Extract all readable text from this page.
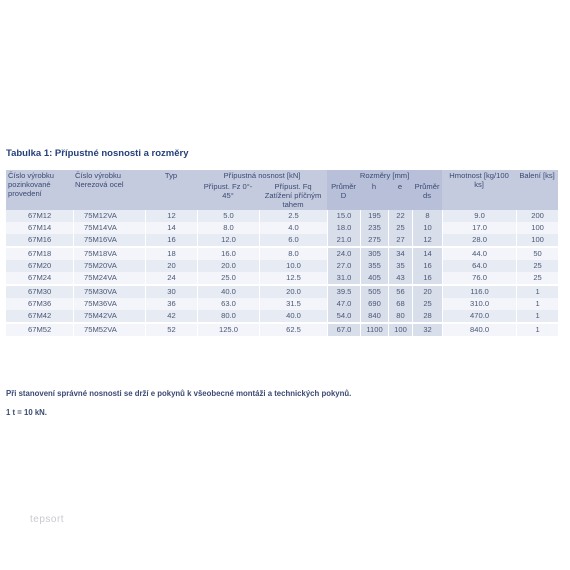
Tabulka 1: Přípustné nosnosti a rozměry
Číslo výrobku pozinkované provedení	Číslo výrobku Nerezová ocel	Typ	Přípustná nosnost [kN]		Rozměry [mm]				Hmotnost [kg/100 ks]	Balení [ks]
			Přípust. Fz 0°- 45°	Přípust. Fq Zatížení příčným tahem	Průměr D	h	e	Průměr ds		

67M12	75M12VA	12	5.0	2.5	15.0	195	22	8	9.0	200
67M14	75M14VA	14	8.0	4.0	18.0	235	25	10	17.0	100
67M16	75M16VA	16	12.0	6.0	21.0	275	27	12	28.0	100
67M18	75M18VA	18	16.0	8.0	24.0	305	34	14	44.0	50
67M20	75M20VA	20	20.0	10.0	27.0	355	35	16	64.0	25
67M24	75M24VA	24	25.0	12.5	31.0	405	43	16	76.0	25
67M30	75M30VA	30	40.0	20.0	39.5	505	56	20	116.0	1
67M36	75M36VA	36	63.0	31.5	47.0	690	68	25	310.0	1
67M42	75M42VA	42	80.0	40.0	54.0	840	80	28	470.0	1
67M52	75M52VA	52	125.0	62.5	67.0	1100	100	32	840.0	1
Při stanovení správné nosnosti se drží e pokynů k všeobecné montáži a technických pokynů.
1 t = 10 kN.
tepsort
